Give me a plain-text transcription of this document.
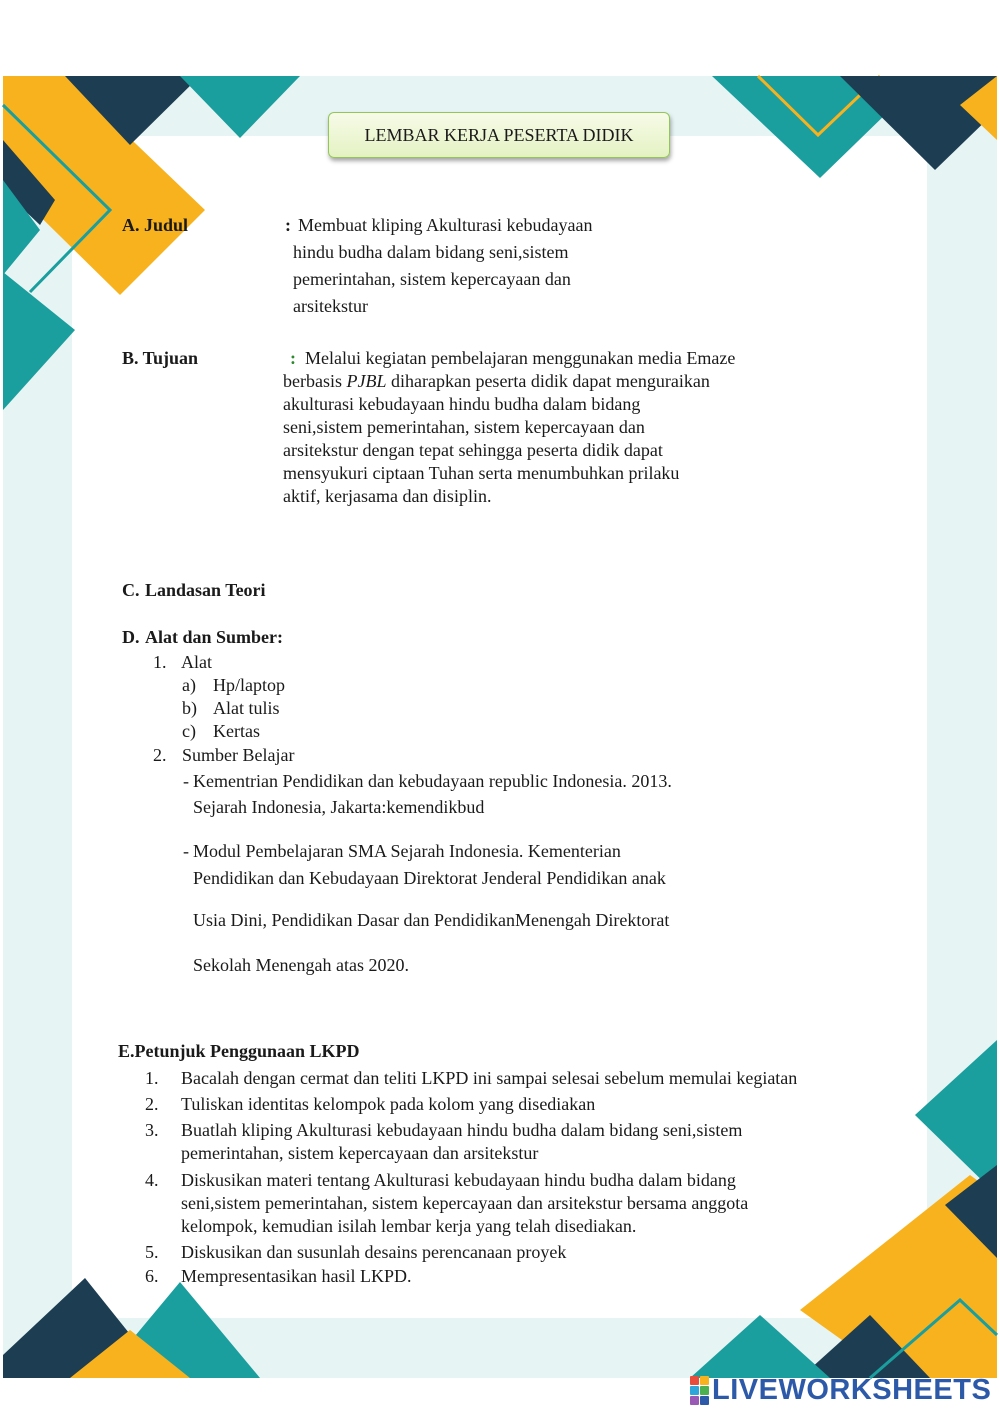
LEMBAR KERJA PESERTA DIDIK
A. Judul	: Membuat kliping Akulturasi kebudayaan
hindu budha dalam bidang seni,sistem
pemerintahan, sistem kepercayaan dan
arsitekstur
B. Tujuan	: Melalui kegiatan pembelajaran menggunakan media Emaze
berbasis PJBL diharapkan peserta didik dapat menguraikan
akulturasi kebudayaan hindu budha dalam bidang
seni,sistem pemerintahan, sistem kepercayaan dan
arsitekstur dengan tepat sehingga peserta didik dapat
mensyukuri ciptaan Tuhan serta menumbuhkan prilaku
aktif, kerjasama dan disiplin.
C. Landasan Teori
D. Alat dan Sumber:
1. Alat
a) Hp/laptop
b) Alat tulis
c) Kertas
2. Sumber Belajar
- Kementrian Pendidikan dan kebudayaan republic Indonesia. 2013.
Sejarah Indonesia, Jakarta:kemendikbud
- Modul Pembelajaran SMA Sejarah Indonesia. Kementerian
Pendidikan dan Kebudayaan Direktorat Jenderal Pendidikan anak
Usia Dini, Pendidikan Dasar dan PendidikanMenengah Direktorat
Sekolah Menengah atas 2020.
E.Petunjuk Penggunaan LKPD
1. Bacalah dengan cermat dan teliti LKPD ini sampai selesai sebelum memulai kegiatan
2. Tuliskan identitas kelompok pada kolom yang disediakan
3. Buatlah kliping Akulturasi kebudayaan hindu budha dalam bidang seni,sistem
pemerintahan, sistem kepercayaan dan arsitekstur
4. Diskusikan materi tentang Akulturasi kebudayaan hindu budha dalam bidang
seni,sistem pemerintahan, sistem kepercayaan dan arsitekstur bersama anggota
kelompok, kemudian isilah lembar kerja yang telah disediakan.
5. Diskusikan dan susunlah desains perencanaan proyek
6. Mempresentasikan hasil LKPD.
LIVEWORKSHEETS
